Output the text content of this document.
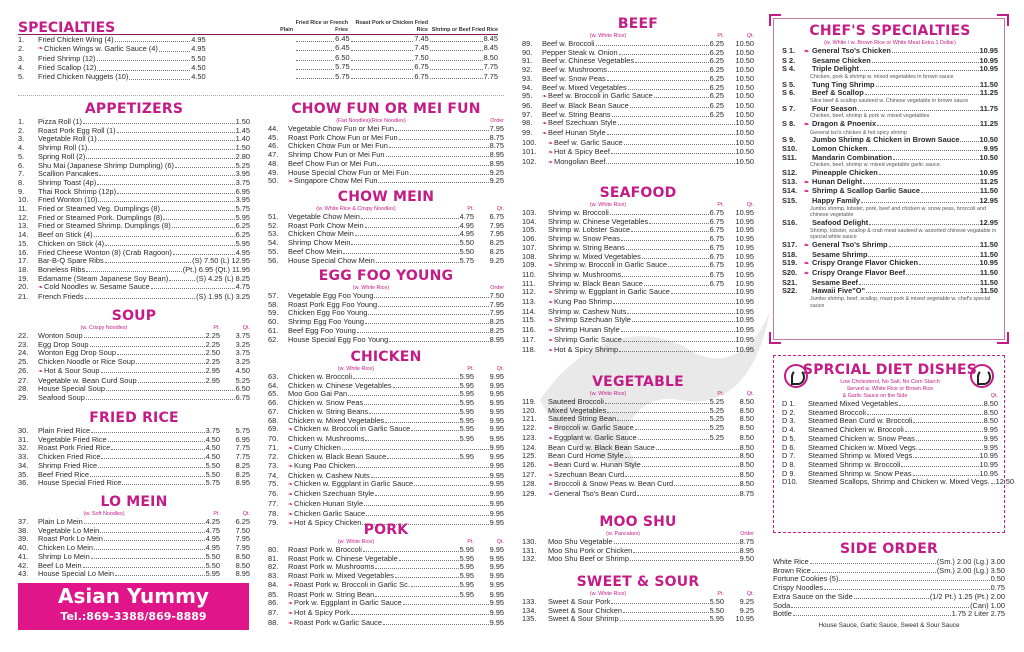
SPECIALTIES	Plain
Fried Rice or French Fries
Roast Pork or Chicken Fried Rice Shrimp or Beef Fried Rice
1.	Fried Chicken Wing (4)	4.95	6.45	7.45	8.45
2.	❧ Chicken Wings w. Garlic Sauce (4)	4.95	6.45	7.45	8.45
3.	Fried Shrimp (12)	5.50	6.50	7.50	8.50
4.	Fried Scallop (12)	4.50	5.75	6.75	7.75
5.	Fried Chicken Nuggets (10)	4.50	5.75	6.75	7.75
APPETIZERS
1.	Pizza Roll (1)	1.50
2.	Roast Pork Egg Roll (1)	1.45
3.	Vegetable Roll (1)	1.40
4.	Shrimp Roll (1)	1.50
5.	Spring Roll (2)	2.80
6.	Shu Mai (Japanese Shrimp Dumpling) (6)	5.25
7.	Scallion Pancakes	3.95
8.	Shrimp Toast (4p)	3.75
9.	Thai Rock Shrimp (12p)	6.95
10.	Fried Wonton (10)	3.95
11.	Fried or Steamed Veg. Dumplings (8)	5.75
12.	Fried or Steamed Pork. Dumplings (8)	5.95
13.	Fried or Steamed Shrimp. Dumplings (8)	6.25
14.	Beef on Stick (4)	6.25
15.	Chicken on Stick (4)	5.95
16.	Fried Cheese Wonton (8) (Crab Ragoon)	4.95
17.	Bar-B-Q Spare Ribs	(S) 7.50 (L) 12.95
18.	Boneless Ribs	(Pt.) 6.95 (Qt.) 11.95
19.	Edamame (Steam Japanese Soy Bean)	(S) 4.25 (L) 8.25
20.	❧ Cold Noodles w. Sesame Sauce	4.75
21.	French Frieds	(S) 1.95 (L) 3.25
SOUP
(w. Crispy Noodles)	Pt.	Qt.
22.	Wonton Soup	2.25	3.75
23.	Egg Drop Soup	2.25	3.25
24.	Wonton Egg Drop Soup	2.50	3.75
25.	Chicken Noodle or Rice Soup	2.25	3.25
26.	❧ Hot & Sour Soup	2.95	4.50
27.	Vegetable w. Bean Curd Soup	2.95	5.25
28.	House Special Soup	6.50
29.	Seafood Soup	6.75
FRIED RICE
30.	Plain Fried Rice	3.75	5.75
31.	Vegetable Fried Rice	4.50	6.95
32.	Roast Pork Fried Rice	4.50	7.75
33.	Chicken Fried Rice	4.50	7.75
34.	Shrimp Fried Rice	5.50	8.25
35.	Beef Fried Rice	5.50	8.25
36.	House Special Fried Rice	5.75	8.95
LO MEIN
(w. Soft Noodles)	Pt.	Qt.
37.	Plain Lo Mein	4.25	6.25
38.	Vegetable Lo Mein	4.75	7.50
39.	Roast Pork Lo Mein	4.95	7.95
40.	Chicken Lo Mein	4.95	7.95
41.	Shrimp Lo Mein	5.50	8.50
42.	Beef Lo Mein	5.50	8.50
43.	House Special Lo Mein	5.95	8.95
Asian Yummy
Tel.:869-3388/869-8889
CHOW FUN OR MEI FUN
(Flat Noodles)(Rice Noodles)	Order
44.	Vegetable Chow Fun or Mei Fun	7.95
45.	Roast Pork Chow Fun or Mei Fun	8.75
46.	Chicken Chow Fun or Mei Fun	8.75
47.	Shrimp Chow Fun or Mei Fun	8.95
48.	Beef Chow Fun or Mei Fun	8.95
49.	House Special Chow Fun or Mei Fun	9.25
50.	❧ Singapore Chow Mei Fun	9.25
CHOW MEIN
(w. White Rice & Crispy Noodles)	Pt.	Qt.
51.	Vegetable Chow Mein	4.75	6.75
52.	Roast Pork Chow Mein	4.95	7.95
53.	Chicken Chow Mein	4.95	7.95
54.	Shrimp Chow Mein	5.50	8.25
55.	Beef Chow Mein	5.50	8.25
56.	House Special Chow Mein	5.75	9.25
EGG FOO YOUNG
(w. White Rice)	Order
57.	Vegetable Egg Foo Young	7.50
58.	Roast Pork Egg Foo Young	7.95
59.	Chicken Egg Foo Young	7.95
60.	Shrimp Egg Foo Young	8.25
61.	Beef Egg Foo Young	8.25
62.	House Special Egg Foo Young	8.95
CHICKEN
(w. White Rice)	Pt.	Qt.
63.	Chicken w. Broccoli	5.95	9.95
64.	Chicken w. Chinese Vegetables	5.95	9.95
65.	Moo Goo Gai Pan	5.95	9.95
66.	Chicken w. Snow Peas	5.95	9.95
67.	Chicken w. String Beans	5.95	9.95
68.	Chicken w. Mixed Vegetables	5.95	9.95
69.	❧ Chicken w. Broccoli in Garlic Sauce	5.95	9.95
70.	Chicken w. Mushrooms	5.95	9.95
71.	❧ Curry Chicken	9.95
72.	Chicken w. Black Bean Sauce	5.95	9.95
73.	❧ Kung Pao Chicken	9.95
74.	Chicken w. Cashew Nuts	9.95
75.	❧ Chicken w. Eggplant in Garlic Sauce	9.95
76.	❧ Chicken Szechuan Style	9.95
77.	❧ Chicken Hunan Style	9.95
78.	❧ Chicken Garlic Sauce	9.95
79.	❧ Hot & Spicy Chicken	9.95
PORK
(w. White Rice)	Pt.	Qt.
80.	Roast Pork w. Broccoli	5.95	9.95
81.	Roast Pork w. Chinese Vegetable	5.95	9.95
82.	Roast Pork w. Mushrooms	5.95	9.95
83.	Roast Pork w. Mixed Vegetables	5.95	9.95
84.	❧ Roast Pork w. Broccoli in Garlic Sc.	5.95	9.95
85.	Roast Pork w. String Bean	5.95	9.95
86.	❧ Pork w. Eggplant in Garlic Sauce	9.95
87.	❧ Hot & Spicy Pork	9.95
88.	❧ Roast Pork w.Garlic Sauce	9.95
BEEF
(w. White Rice)	Pt.	Qt.
89.	Beef w. Broccoli	6.25	10.50
90.	Pepper Steak w. Onion	6.25	10.50
91.	Beef w. Chinese Vegetables	6.25	10.50
92.	Beef w. Mushrooms	6.25	10.50
93.	Beef w. Snow Peas	6.25	10.50
94.	Beef w. Mixed Vegetables	6.25	10.50
95.	❧ Beef w. Broccoli in Garlic Sauce	6.25	10.50
96.	Beef w. Black Bean Sauce	6.25	10.50
97.	Beef w. String Beans	6.25	10.50
98.	❧ Beef Szechuan Style	10.50
99.	❧ Beef Hunan Style	10.50
100.	❧ Beef w. Garlic Sauce	10.50
101.	❧ Hot & Spicy Beef	10.50
102.	❧ Mongolian Beef	10.50
SEAFOOD
(w. White Rice)	Pt.	Qt.
103.	Shrimp w. Broccoli	6.75	10.95
104.	Shrimp w. Chinese Vegetables	6.75	10.95
105.	Shrimp w. Lobster Sauce	6.75	10.95
106.	Shrimp w. Snow Peas	6.75	10.95
107.	Shrimp w. String Beans	6.75	10.95
108.	Shrimp w. Mixed Vegetables	6.75	10.95
109.	❧ Shrimp w. Broccoli in Garlic Sauce	6.75	10.95
110.	Shrimp w. Mushrooms	6.75	10.95
111.	Shrimp w. Black Bean Sauce	6.75	10.95
112.	❧ Shrimp w. Eggplant in Garlic Sauce	10.95
113.	❧ Kung Pao Shrimp	10.95
114.	Shrimp w. Cashew Nuts	10.95
115.	❧ Shrimp Szechuan Style	10.95
116.	❧ Shrimp Hunan Style	10.95
117.	❧ Shrimp Garlic Sauce	10.95
118.	❧ Hot & Spicy Shrimp	10.95
VEGETABLE
(w. White Rice)	Pt.	Qt.
119.	Sauteed Broccoli	5.25	8.50
120.	Mixed Vegetables	5.25	8.50
121.	Sauteed String Bean	5.25	8.50
122.	❧ Broccoli w. Garlic Sauce	5.25	8.50
123.	❧ Eggplant w. Garlic Sauce	5.25	8.50
124.	Bean Curd w. Black Bean Sauce	8.50
125.	Bean Curd Home Style	8.50
126.	❧ Bean Curd w. Hunan Style	8.50
127.	❧ Szechuan Bean Curd	8.50
128.	❧ Broccoli & Snow Peas w. Bean Curd	8.50
129.	❧ General Tso's Bean Curd	8.75
MOO SHU
(w. Pancakes)	Order
130.	Moo Shu Vegetable	8.75
131.	Moo Shu Pork or Chicken	8.95
132.	Moo Shu Beef or Shrimp	9.50
SWEET & SOUR
(w. White Rice)	Pt.	Qt.
133.	Sweet & Sour Pork	5.50	9.25
134.	Sweet & Sour Chicken	5.50	9.25
135.	Sweet & Sour Shrimp	5.95	10.95
CHEF'S SPECIALTIES
(w. White / w. Brown Rice or White Meat Extra 1 Dollar)
S 1.	❧ General Tso's Chicken	10.95
S 2.	Sesame Chicken	10.95
S 4.	Triple Delight	10.95
Chicken, pork & shrimp w. mixed vegetables in brown sauce
S 5.	Tung Ting Shrimp	11.50
S 6.	Beef & Scallop	11.25
Slice beef & scallop sauteed w. Chinese vegetable in brown sauce
S 7.	Four Season	11.75
Chicken, beef, shrimp & pork w. mixed vegetables
S 8.	❧ Dragon & Pnoenix	11.25
General tso's chicken & hot spicy shrimp
S 9.	Jumbo Shrimp & Chicken in Brown Sauce	10.50
S10.	Lomon Chicken	9.95
S11.	Mandarin Combination	10.50
Chicken, beef, shrimp w. mixed vegetable garlic sauce.
S12.	Pineapple Chicken	10.95
S13.	❧ Hunan Delight	11.25
S14.	❧ Shrimp & Scallop Garlic Sauce	11.50
S15.	Happy Family	12.95
Jumbo shrimp, lobster, pork, beef and chicken w. snow peas, broccoli and chinese vegetable
S16.	Seafood Delight	12.95
Shrimp, lobster, scallop & crab meat sauteed w. assorted chinese vegatable in special white sauce
S17.	❧ General Tso's Shrimp	11.50
S18.	Sesame Shrimp	11.50
S19.	❧ Crispy Orange Flavor Chicken	10.95
S20.	❧ Crispy Orange Flavor Beef	11.50
S21.	Sesame Beef	11.50
S22.	Hawaii Five"O"	11.50
Jumbo shrimp, beef, scallop, roast pork & mixed vegetable w. chef's special sauce
SPRCIAL DIET DISHES
Low Cholesterol, No Salt, No Corn Starch
Served w. White Rice or Brown Rice
& Garlic Sauce on the Side	Qt.
D 1.	Steamed Mixed Vegetables	8.50
D 2.	Steamed Broccoli	8.50
D 3.	Steamed Bean Curd w. Broccoli	8.50
D 4.	Steamed Chicken w. Broccoli	9.95
D 5.	Steamed Chicken w. Snow Peas	9.95
D 6.	Steamed Chicken w. Mixed Vegs.	9.95
D 7.	Steamed Shrimp w. Mixed Vegs.	10.95
D 8.	Steamed Shrimp w. Broccoli	10.95
D 9.	Steamed Shrimp w. Snow Peas	10.95
D10.	Steamed Scallops, Shrimp and Chicken w. Mixed Vegs. 12.50
SIDE ORDER
White Rice	(Sm.) 2.00 (Lg.) 3.00
Brown Rice	(Sm.) 2.00 (Lg.) 3.50
Fortune Cookies (5)	0.50
Crispy Noodles	0.75
Extra Sauce on the Side	(1/2 Pt.) 1.25 (Pt.) 2.00
Soda	(Can) 1.00
Bottle	1.75 2 Liter 2.75
House Sauce, Garlic Sauce, Sweet & Sour Sauce
